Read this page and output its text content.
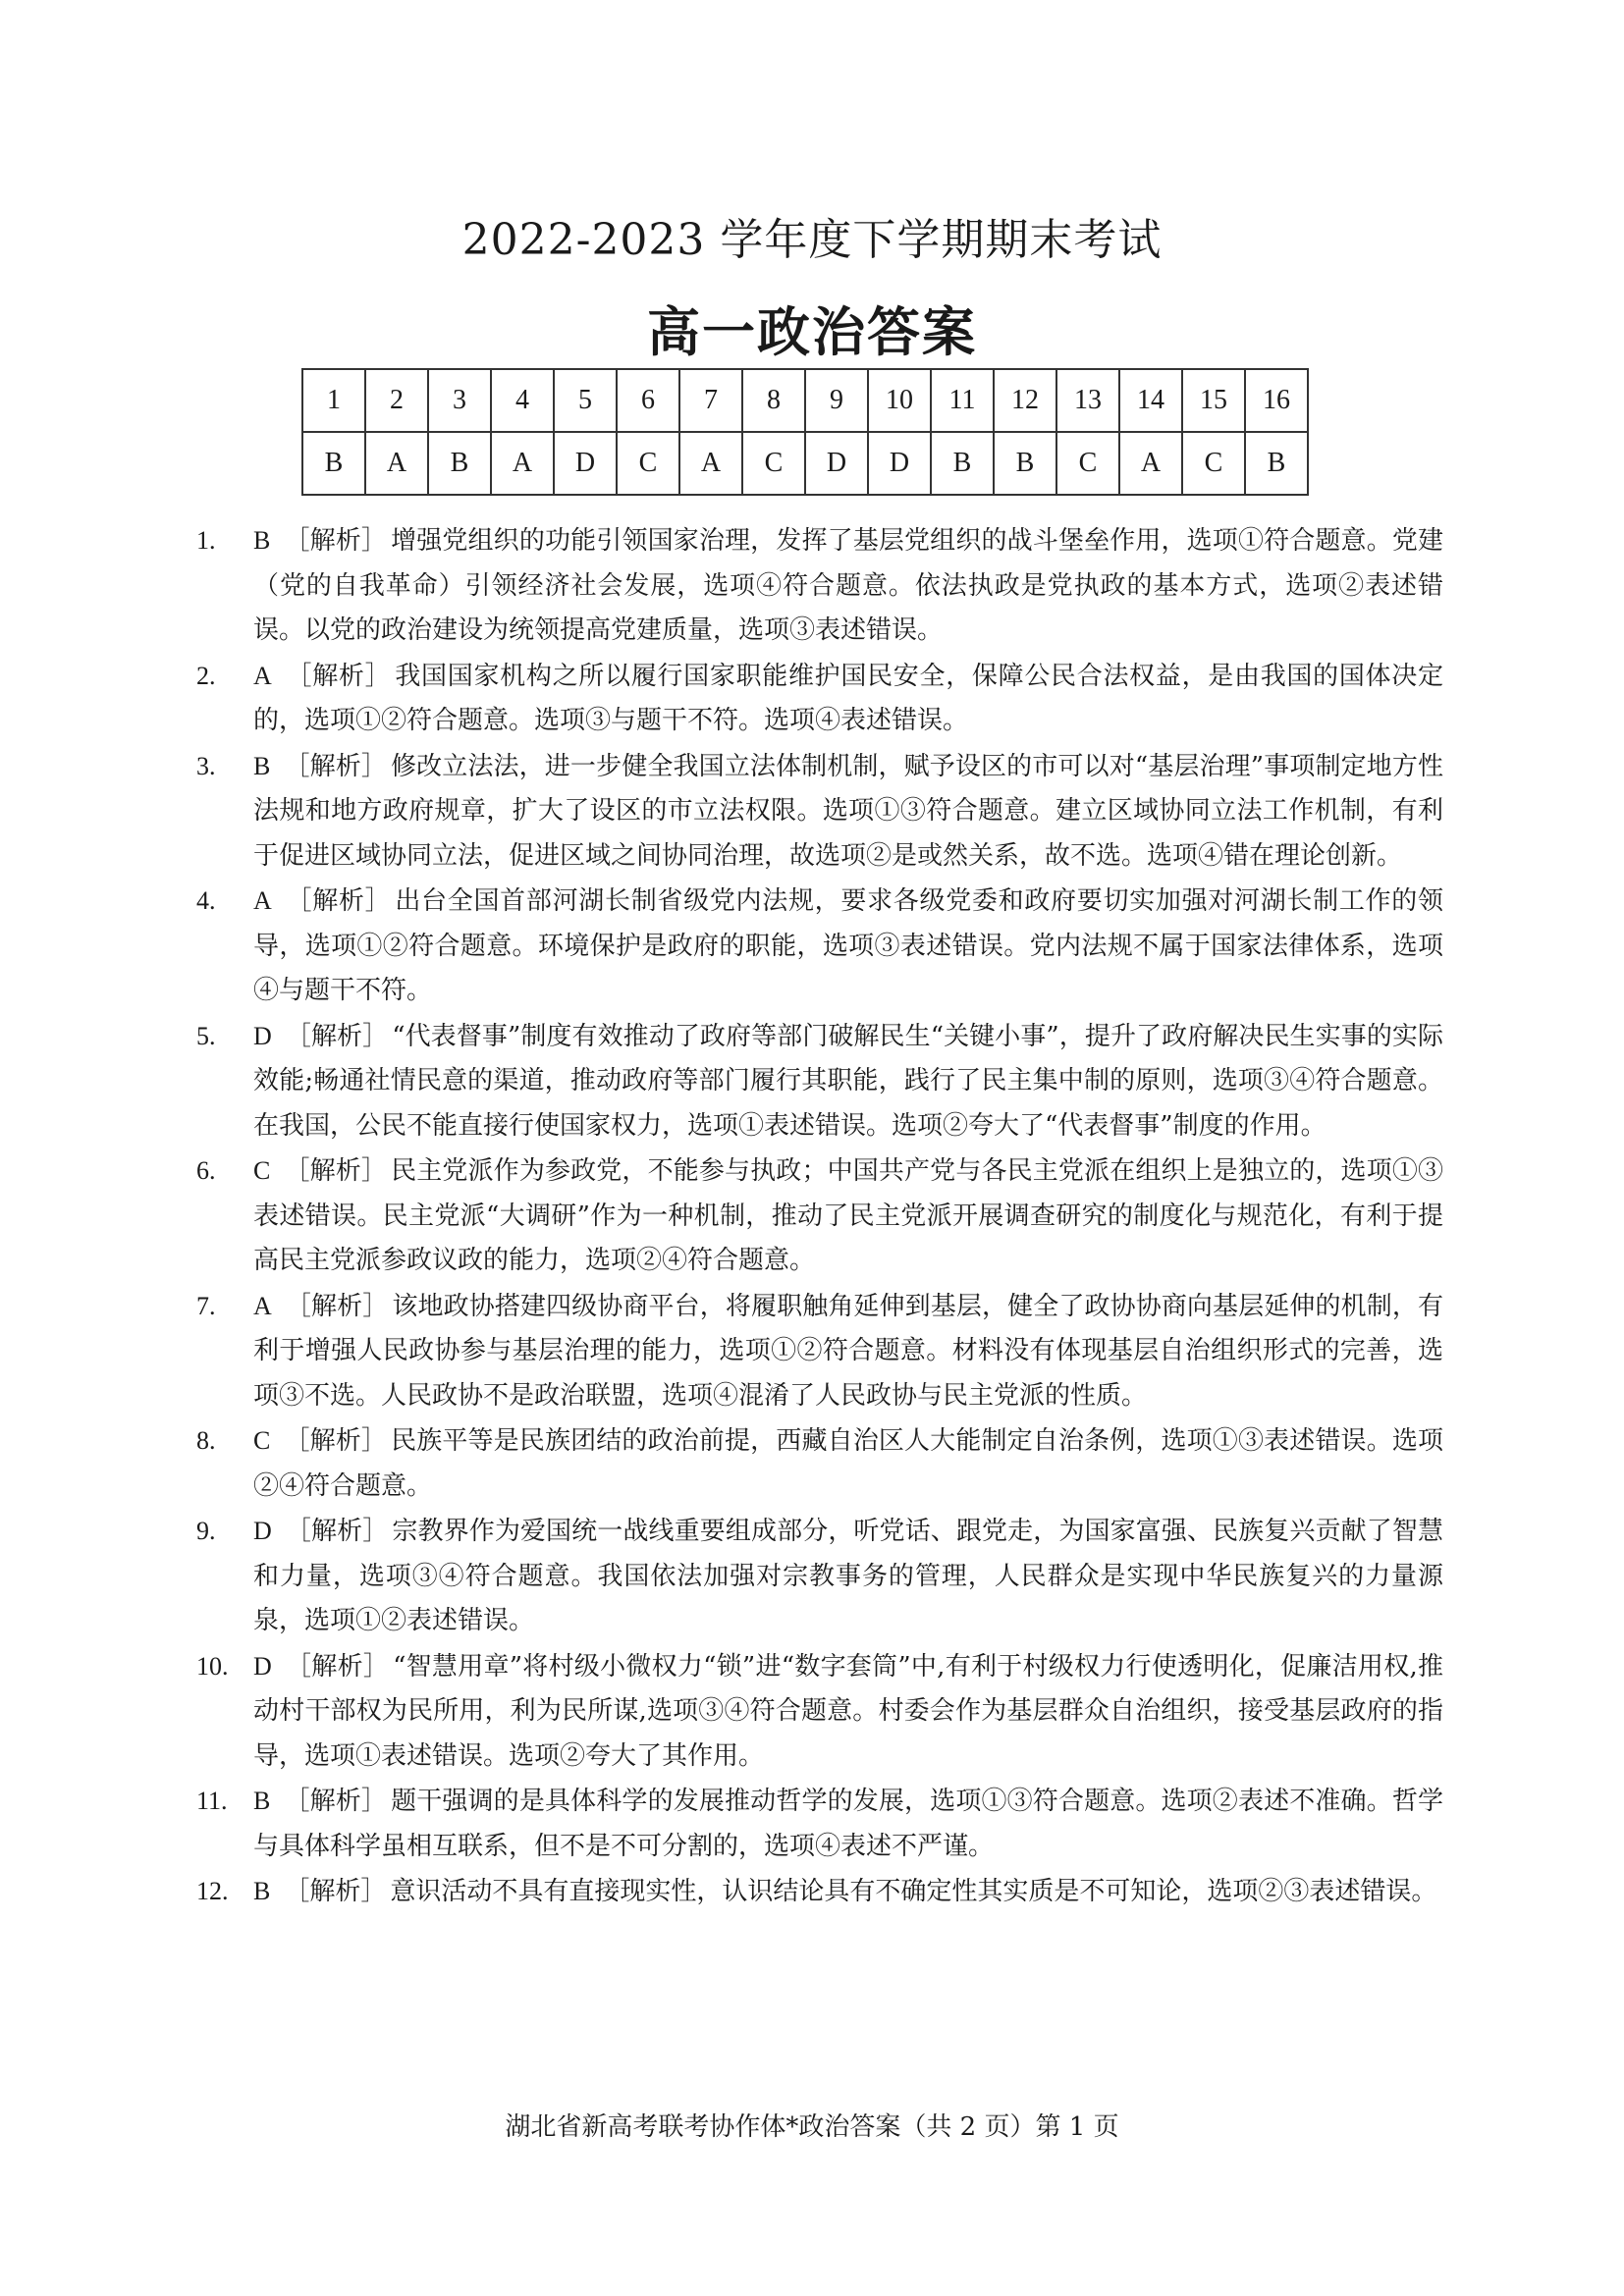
2022-2023 学年度下学期期末考试
高一政治答案
1	2	3	4	5	6	7	8	9	10	11	12	13	14	15	16
B	A	B	A	D	C	A	C	D	D	B	B	C	A	C	B
1.	B ［解析］ 增强党组织的功能引领国家治理，发挥了基层党组织的战斗堡垒作用，选项①符合题意。党建（党的自我革命）引领经济社会发展，选项④符合题意。依法执政是党执政的基本方式，选项②表述错误。以党的政治建设为统领提高党建质量，选项③表述错误。
2.	A ［解析］ 我国国家机构之所以履行国家职能维护国民安全，保障公民合法权益，是由我国的国体决定的，选项①②符合题意。选项③与题干不符。选项④表述错误。
3.	B ［解析］ 修改立法法，进一步健全我国立法体制机制，赋予设区的市可以对“基层治理”事项制定地方性法规和地方政府规章，扩大了设区的市立法权限。选项①③符合题意。建立区域协同立法工作机制，有利于促进区域协同立法，促进区域之间协同治理，故选项②是或然关系，故不选。选项④错在理论创新。
4.	A ［解析］ 出台全国首部河湖长制省级党内法规，要求各级党委和政府要切实加强对河湖长制工作的领导，选项①②符合题意。环境保护是政府的职能，选项③表述错误。党内法规不属于国家法律体系，选项④与题干不符。
5.	D ［解析］ “代表督事”制度有效推动了政府等部门破解民生“关键小事”，提升了政府解决民生实事的实际效能;畅通社情民意的渠道，推动政府等部门履行其职能，践行了民主集中制的原则，选项③④符合题意。在我国，公民不能直接行使国家权力，选项①表述错误。选项②夸大了“代表督事”制度的作用。
6.	C ［解析］ 民主党派作为参政党，不能参与执政；中国共产党与各民主党派在组织上是独立的，选项①③表述错误。民主党派“大调研”作为一种机制，推动了民主党派开展调查研究的制度化与规范化，有利于提高民主党派参政议政的能力，选项②④符合题意。
7.	A ［解析］ 该地政协搭建四级协商平台，将履职触角延伸到基层，健全了政协协商向基层延伸的机制，有利于增强人民政协参与基层治理的能力，选项①②符合题意。材料没有体现基层自治组织形式的完善，选项③不选。人民政协不是政治联盟，选项④混淆了人民政协与民主党派的性质。
8.	C ［解析］ 民族平等是民族团结的政治前提，西藏自治区人大能制定自治条例，选项①③表述错误。选项②④符合题意。
9.	D ［解析］ 宗教界作为爱国统一战线重要组成部分，听党话、跟党走，为国家富强、民族复兴贡献了智慧和力量，选项③④符合题意。我国依法加强对宗教事务的管理，人民群众是实现中华民族复兴的力量源泉，选项①②表述错误。
10. D ［解析］ “智慧用章”将村级小微权力“锁”进“数字套筒”中,有利于村级权力行使透明化，促廉洁用权,推动村干部权为民所用，利为民所谋,选项③④符合题意。村委会作为基层群众自治组织，接受基层政府的指导，选项①表述错误。选项②夸大了其作用。
11.	B ［解析］ 题干强调的是具体科学的发展推动哲学的发展，选项①③符合题意。选项②表述不准确。哲学与具体科学虽相互联系，但不是不可分割的，选项④表述不严谨。
12. B ［解析］ 意识活动不具有直接现实性，认识结论具有不确定性其实质是不可知论，选项②③表述错误。
湖北省新高考联考协作体*政治答案（共 2 页）第 1 页
